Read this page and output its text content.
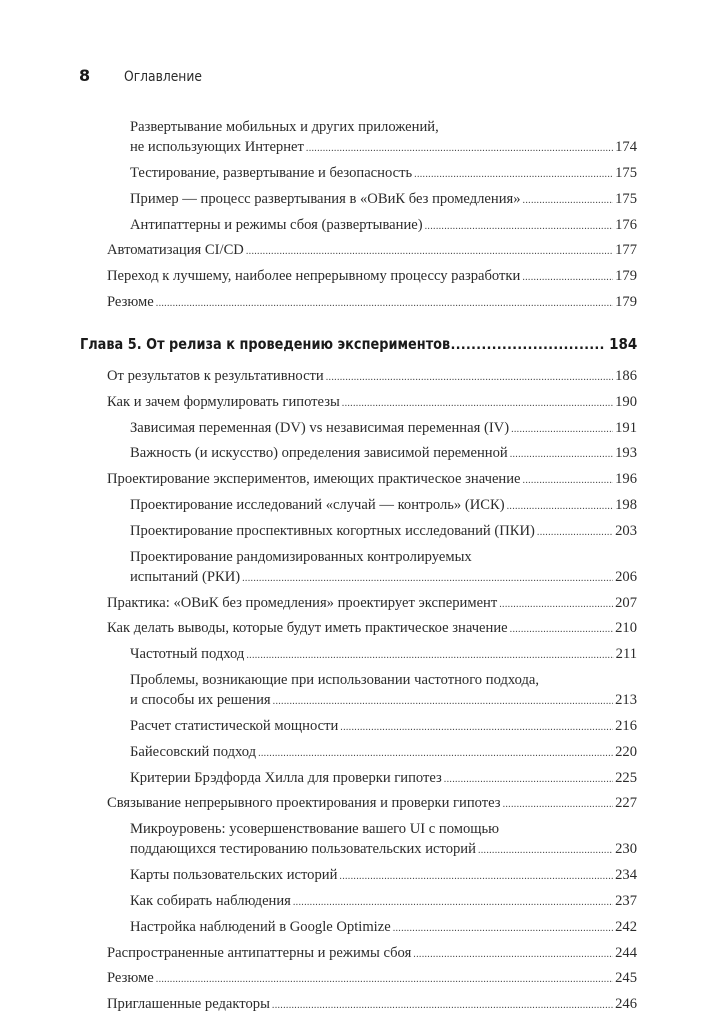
8	Оглавление
Развертывание мобильных и других приложений,
не использующих Интернет .....	174
Тестирование, развертывание и безопасность .....	175
Пример — процесс развертывания в «ОВиК без промедления» .....	175
Антипаттерны и режимы сбоя (развертывание) .....	176
Автоматизация CI/CD .....	177
Переход к лучшему, наиболее непрерывному процессу разработки .....	179
Резюме .....	179
Глава 5. От релиза к проведению экспериментов .....	184
От результатов к результативности .....	186
Как и зачем формулировать гипотезы .....	190
Зависимая переменная (DV) vs независимая переменная (IV) .....	191
Важность (и искусство) определения зависимой переменной .....	193
Проектирование экспериментов, имеющих практическое значение .....	196
Проектирование исследований «случай — контроль» (ИСК) .....	198
Проектирование проспективных когортных исследований (ПКИ) .....	203
Проектирование рандомизированных контролируемых
испытаний (РКИ) .....	206
Практика: «ОВиК без промедления» проектирует эксперимент .....	207
Как делать выводы, которые будут иметь практическое значение .....	210
Частотный подход .....	211
Проблемы, возникающие при использовании частотного подхода,
и способы их решения .....	213
Расчет статистической мощности .....	216
Байесовский подход .....	220
Критерии Брэдфорда Хилла для проверки гипотез .....	225
Связывание непрерывного проектирования и проверки гипотез .....	227
Микроуровень: усовершенствование вашего UI с помощью
поддающихся тестированию пользовательских историй .....	230
Карты пользовательских историй .....	234
Как собирать наблюдения .....	237
Настройка наблюдений в Google Optimize .....	242
Распространенные антипаттерны и режимы сбоя .....	244
Резюме .....	245
Приглашенные редакторы .....	246
